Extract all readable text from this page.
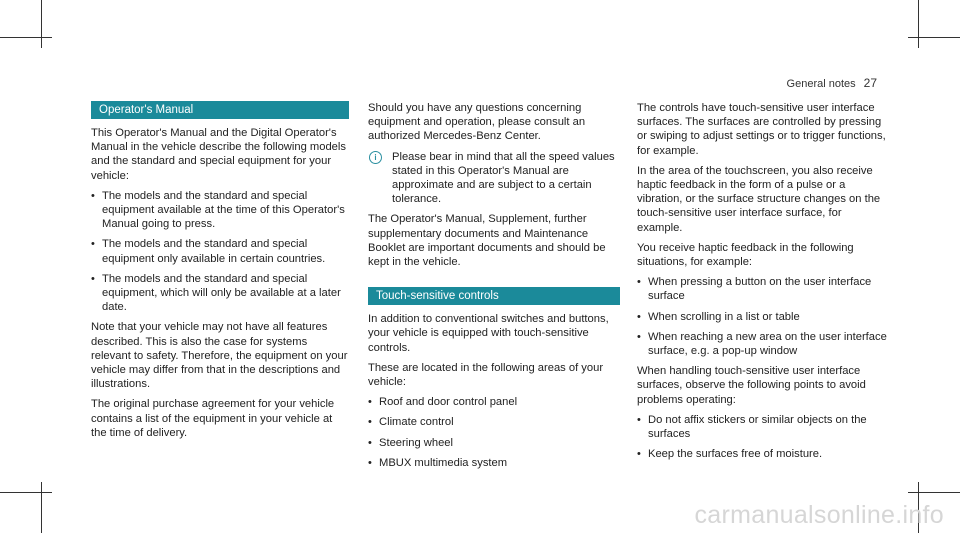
General notes 27
Operator's Manual

This Operator's Manual and the Digital Operator's Manual in the vehicle describe the following models and the standard and special equipment for your vehicle:

• The models and the standard and special equipment available at the time of this Operator's Manual going to press.
• The models and the standard and special equipment only available in certain countries.
• The models and the standard and special equipment, which will only be available at a later date.

Note that your vehicle may not have all features described. This is also the case for systems relevant to safety. Therefore, the equipment on your vehicle may differ from that in the descriptions and illustrations.

The original purchase agreement for your vehicle contains a list of the equipment in your vehicle at the time of delivery.

Should you have any questions concerning equipment and operation, please consult an authorized Mercedes-Benz Center.

i	Please bear in mind that all the speed values stated in this Operator's Manual are approximate and are subject to a certain tolerance.

The Operator's Manual, Supplement, further supplementary documents and Maintenance Booklet are important documents and should be kept in the vehicle.

Touch-sensitive controls

In addition to conventional switches and buttons, your vehicle is equipped with touch-sensitive controls.

These are located in the following areas of your vehicle:

• Roof and door control panel
• Climate control
• Steering wheel
• MBUX multimedia system

The controls have touch-sensitive user interface surfaces. The surfaces are controlled by pressing or swiping to adjust settings or to trigger functions, for example.

In the area of the touchscreen, you also receive haptic feedback in the form of a pulse or a vibration, or the surface structure changes on the touch-sensitive user interface surface, for example.

You receive haptic feedback in the following situations, for example:

• When pressing a button on the user interface surface
• When scrolling in a list or table
• When reaching a new area on the user interface surface, e.g. a pop-up window

When handling touch-sensitive user interface surfaces, observe the following points to avoid problems operating:

• Do not affix stickers or similar objects on the surfaces
• Keep the surfaces free of moisture.
carmanualsonline.info
